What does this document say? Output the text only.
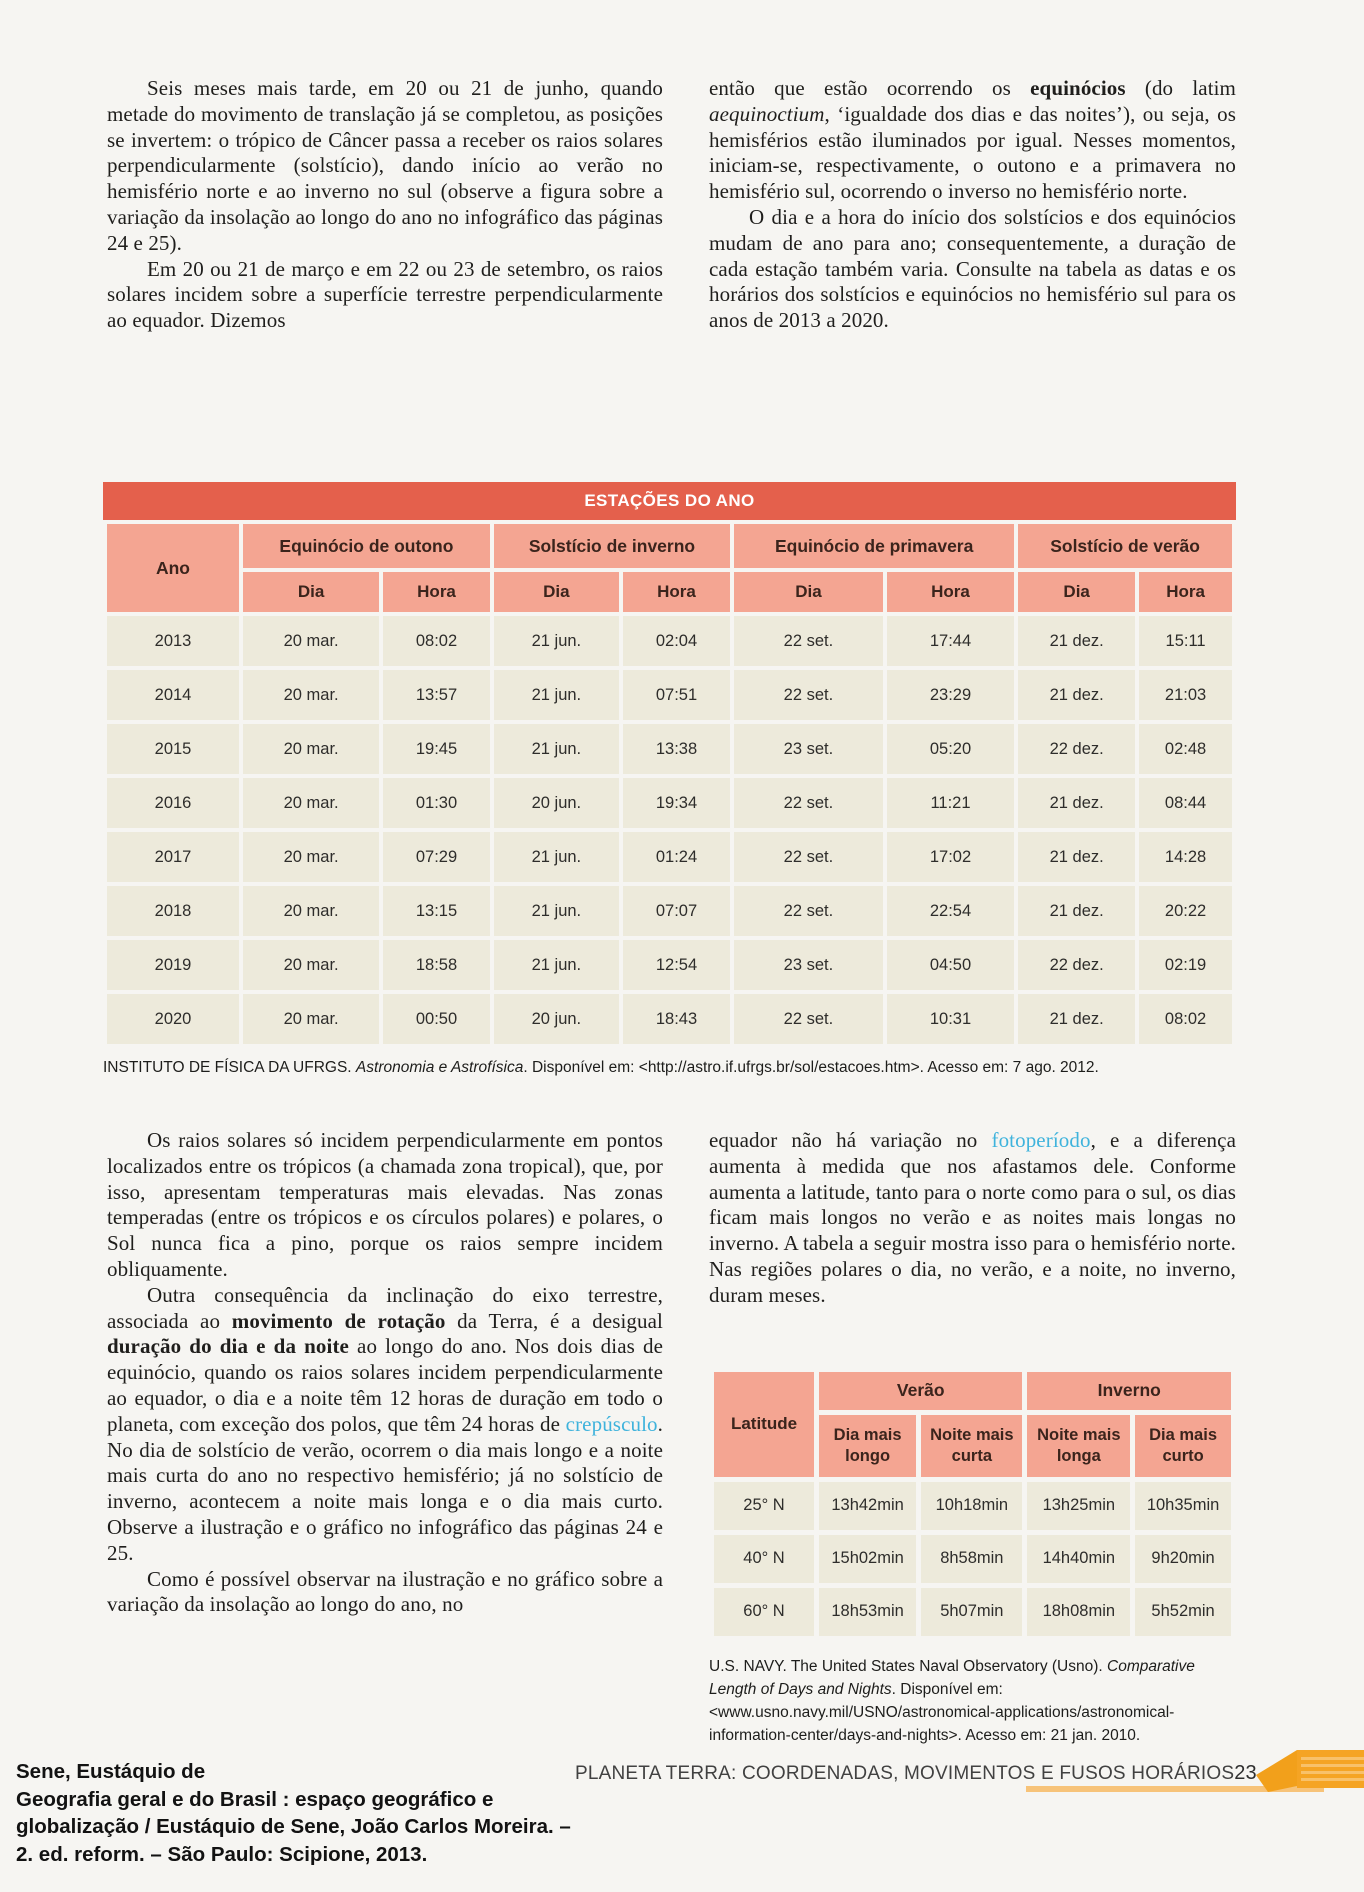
Seis meses mais tarde, em 20 ou 21 de junho, quando metade do movimento de translação já se completou, as posições se invertem: o trópico de Câncer passa a receber os raios solares perpendicularmente (solstício), dando início ao verão no hemisfério norte e ao inverno no sul (observe a figura sobre a variação da insolação ao longo do ano no infográfico das páginas 24 e 25).

Em 20 ou 21 de março e em 22 ou 23 de setembro, os raios solares incidem sobre a superfície terrestre perpendicularmente ao equador. Dizemos

então que estão ocorrendo os equinócios (do latim aequinoctium, ‘igualdade dos dias e das noites’), ou seja, os hemisférios estão iluminados por igual. Nesses momentos, iniciam-se, respectivamente, o outono e a primavera no hemisfério sul, ocorrendo o inverso no hemisfério norte.

O dia e a hora do início dos solstícios e dos equinócios mudam de ano para ano; consequentemente, a duração de cada estação também varia. Consulte na tabela as datas e os horários dos solstícios e equinócios no hemisfério sul para os anos de 2013 a 2020.

ESTAÇÕES DO ANO
Ano	Equinócio de outono		Solstício de inverno		Equinócio de primavera		Solstício de verão	
	Dia	Hora	Dia	Hora	Dia	Hora	Dia	Hora
2013	20 mar.	08:02	21 jun.	02:04	22 set.	17:44	21 dez.	15:11
2014	20 mar.	13:57	21 jun.	07:51	22 set.	23:29	21 dez.	21:03
2015	20 mar.	19:45	21 jun.	13:38	23 set.	05:20	22 dez.	02:48
2016	20 mar.	01:30	20 jun.	19:34	22 set.	11:21	21 dez.	08:44
2017	20 mar.	07:29	21 jun.	01:24	22 set.	17:02	21 dez.	14:28
2018	20 mar.	13:15	21 jun.	07:07	22 set.	22:54	21 dez.	20:22
2019	20 mar.	18:58	21 jun.	12:54	23 set.	04:50	22 dez.	02:19
2020	20 mar.	00:50	20 jun.	18:43	22 set.	10:31	21 dez.	08:02
INSTITUTO DE FÍSICA DA UFRGS. Astronomia e Astrofísica. Disponível em: <http://astro.if.ufrgs.br/sol/estacoes.htm>. Acesso em: 7 ago. 2012.

Os raios solares só incidem perpendicularmente em pontos localizados entre os trópicos (a chamada zona tropical), que, por isso, apresentam temperaturas mais elevadas. Nas zonas temperadas (entre os trópicos e os círculos polares) e polares, o Sol nunca fica a pino, porque os raios sempre incidem obliquamente.

Outra consequência da inclinação do eixo terrestre, associada ao movimento de rotação da Terra, é a desigual duração do dia e da noite ao longo do ano. Nos dois dias de equinócio, quando os raios solares incidem perpendicularmente ao equador, o dia e a noite têm 12 horas de duração em todo o planeta, com exceção dos polos, que têm 24 horas de crepúsculo. No dia de solstício de verão, ocorrem o dia mais longo e a noite mais curta do ano no respectivo hemisfério; já no solstício de inverno, acontecem a noite mais longa e o dia mais curto. Observe a ilustração e o gráfico no infográfico das páginas 24 e 25.

Como é possível observar na ilustração e no gráfico sobre a variação da insolação ao longo do ano, no

equador não há variação no fotoperíodo, e a diferença aumenta à medida que nos afastamos dele. Conforme aumenta a latitude, tanto para o norte como para o sul, os dias ficam mais longos no verão e as noites mais longas no inverno. A tabela a seguir mostra isso para o hemisfério norte. Nas regiões polares o dia, no verão, e a noite, no inverno, duram meses.

Latitude	Verão		Inverno	
	Dia mais longo	Noite mais curta	Noite mais longa	Dia mais curto
25° N	13h42min	10h18min	13h25min	10h35min
40° N	15h02min	8h58min	14h40min	9h20min
60° N	18h53min	5h07min	18h08min	5h52min
U.S. NAVY. The United States Naval Observatory (Usno). Comparative Length of Days and Nights. Disponível em: <www.usno.navy.mil/USNO/astronomical-applications/astronomical-information-center/days-and-nights>. Acesso em: 21 jan. 2010.
Sene, Eustáquio de
Geografia geral e do Brasil : espaço geográfico e
globalização / Eustáquio de Sene, João Carlos Moreira. –
2. ed. reform. – São Paulo: Scipione, 2013.
PLANETA TERRA: COORDENADAS, MOVIMENTOS E FUSOS HORÁRIOS 23
